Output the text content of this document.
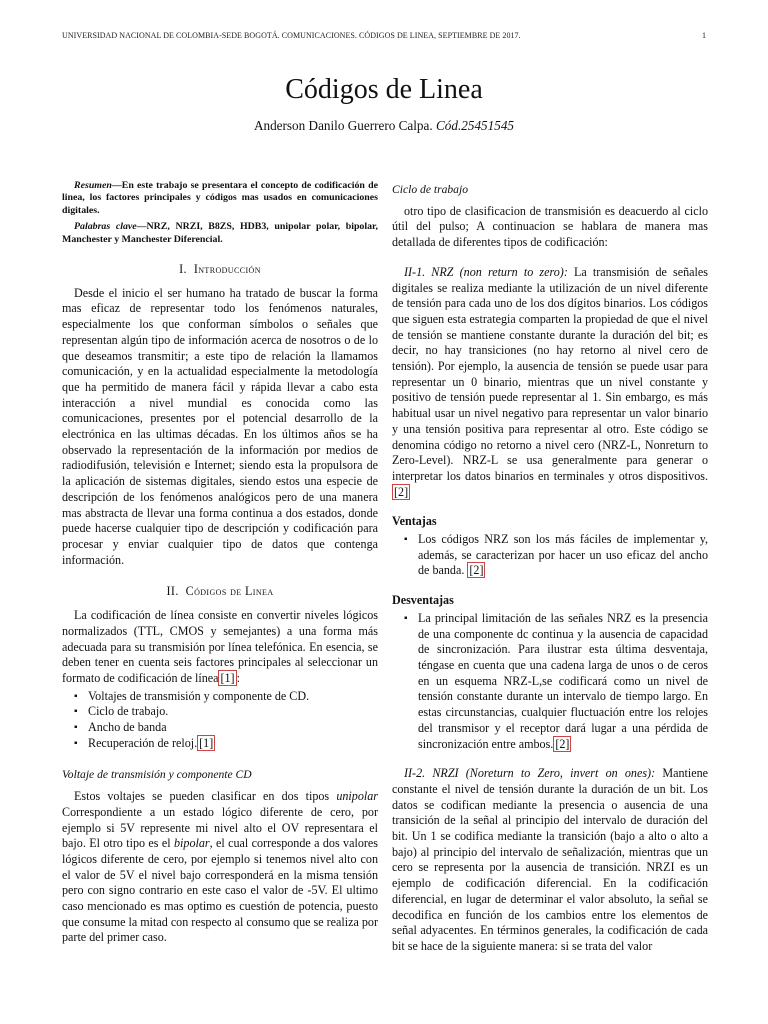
UNIVERSIDAD NACIONAL DE COLOMBIA-SEDE BOGOTÁ. COMUNICACIONES. CÓDIGOS DE LINEA, SEPTIEMBRE DE 2017.	1
Códigos de Linea
Anderson Danilo Guerrero Calpa. Cód.25451545

Resumen—En este trabajo se presentara el concepto de codificación de linea, los factores principales y códigos mas usados en comunicaciones digitales.

Palabras clave—NRZ, NRZI, B8ZS, HDB3, unipolar polar, bipolar, Manchester y Manchester Diferencial.

I. Introducción

Desde el inicio el ser humano ha tratado de buscar la forma mas eficaz de representar todo los fenómenos naturales, especialmente los que conforman símbolos o señales que representan algún tipo de información acerca de nosotros o de lo que deseamos transmitir; a este tipo de relación la llamamos comunicación, y en la actualidad especialmente la metodología que ha permitido de manera fácil y rápida llevar a cabo esta interacción a nivel mundial es conocida como las comunicaciones, presentes por el potencial desarrollo de la electrónica en las ultimas décadas. En los últimos años se ha observado la representación de la información por medios de radiodifusión, televisión e Internet; siendo esta la propulsora de la aplicación de sistemas digitales, siendo estos una especie de descripción de los fenómenos analógicos pero de una manera mas abstracta de llevar una forma continua a dos estados, donde puede hacerse cualquier tipo de descripción y codificación para procesar y enviar cualquier tipo de datos que contenga información.

II. Códigos de Linea

La codificación de línea consiste en convertir niveles lógicos normalizados (TTL, CMOS y semejantes) a una forma más adecuada para su transmisión por línea telefónica. En esencia, se deben tener en cuenta seis factores principales al seleccionar un formato de codificación de línea [1] :

▪ Voltajes de transmisión y componente de CD.
▪ Ciclo de trabajo.
▪ Ancho de banda
▪ Recuperación de reloj. [1]
Voltaje de transmisión y componente CD

Estos voltajes se pueden clasificar en dos tipos unipolar Correspondiente a un estado lógico diferente de cero, por ejemplo si 5V represente mi nivel alto el OV representara el bajo. El otro tipo es el bipolar, el cual corresponde a dos valores lógicos diferente de cero, por ejemplo si tenemos nivel alto con el valor de 5V el nivel bajo corresponderá en la misma tensión pero con signo contrario en este caso el valor de -5V. El ultimo caso mencionado es mas optimo es cuestión de potencia, puesto que consume la mitad con respecto al consumo que se realiza por parte del primer caso.

Ciclo de trabajo

otro tipo de clasificacion de transmisión es deacuerdo al ciclo útil del pulso; A continuacion se hablara de manera mas detallada de diferentes tipos de codificación:

II-1. NRZ (non return to zero): La transmisión de señales digitales se realiza mediante la utilización de un nivel diferente de tensión para cada uno de los dos dígitos binarios. Los códigos que siguen esta estrategia comparten la propiedad de que el nivel de tensión se mantiene constante durante la duración del bit; es decir, no hay transiciones (no hay retorno al nivel cero de tensión). Por ejemplo, la ausencia de tensión se puede usar para representar un 0 binario, mientras que un nivel constante y positivo de tensión puede representar al 1. Sin embargo, es más habitual usar un nivel negativo para representar un valor binario y una tensión positiva para representar al otro. Este código se denomina código no retorno a nivel cero (NRZ-L, Nonreturn to Zero-Level). NRZ-L se usa generalmente para generar o interpretar los datos binarios en terminales y otros dispositivos.[2]

Ventajas
▪ Los códigos NRZ son los más fáciles de implementar y, además, se caracterizan por hacer un uso eficaz del ancho de banda. [2]
Desventajas
▪ La principal limitación de las señales NRZ es la presencia de una componente dc continua y la ausencia de capacidad de sincronización. Para ilustrar esta última desventaja, téngase en cuenta que una cadena larga de unos o de ceros en un esquema NRZ-L,se codificará como un nivel de tensión constante durante un intervalo de tiempo largo. En estas circunstancias, cualquier fluctuación entre los relojes del transmisor y el receptor dará lugar a una pérdida de sincronización entre ambos. [2]

II-2. NRZI (Noreturn to Zero, invert on ones): Mantiene constante el nivel de tensión durante la duración de un bit. Los datos se codifican mediante la presencia o ausencia de una transición de la señal al principio del intervalo de duración del bit. Un 1 se codifica mediante la transición (bajo a alto o alto a bajo) al principio del intervalo de señalización, mientras que un cero se representa por la ausencia de transición. NRZI es un ejemplo de codificación diferencial. En la codificación diferencial, en lugar de determinar el valor absoluto, la señal se decodifica en función de los cambios entre los elementos de señal adyacentes. En términos generales, la codificación de cada bit se hace de la siguiente manera: si se trata del valor
